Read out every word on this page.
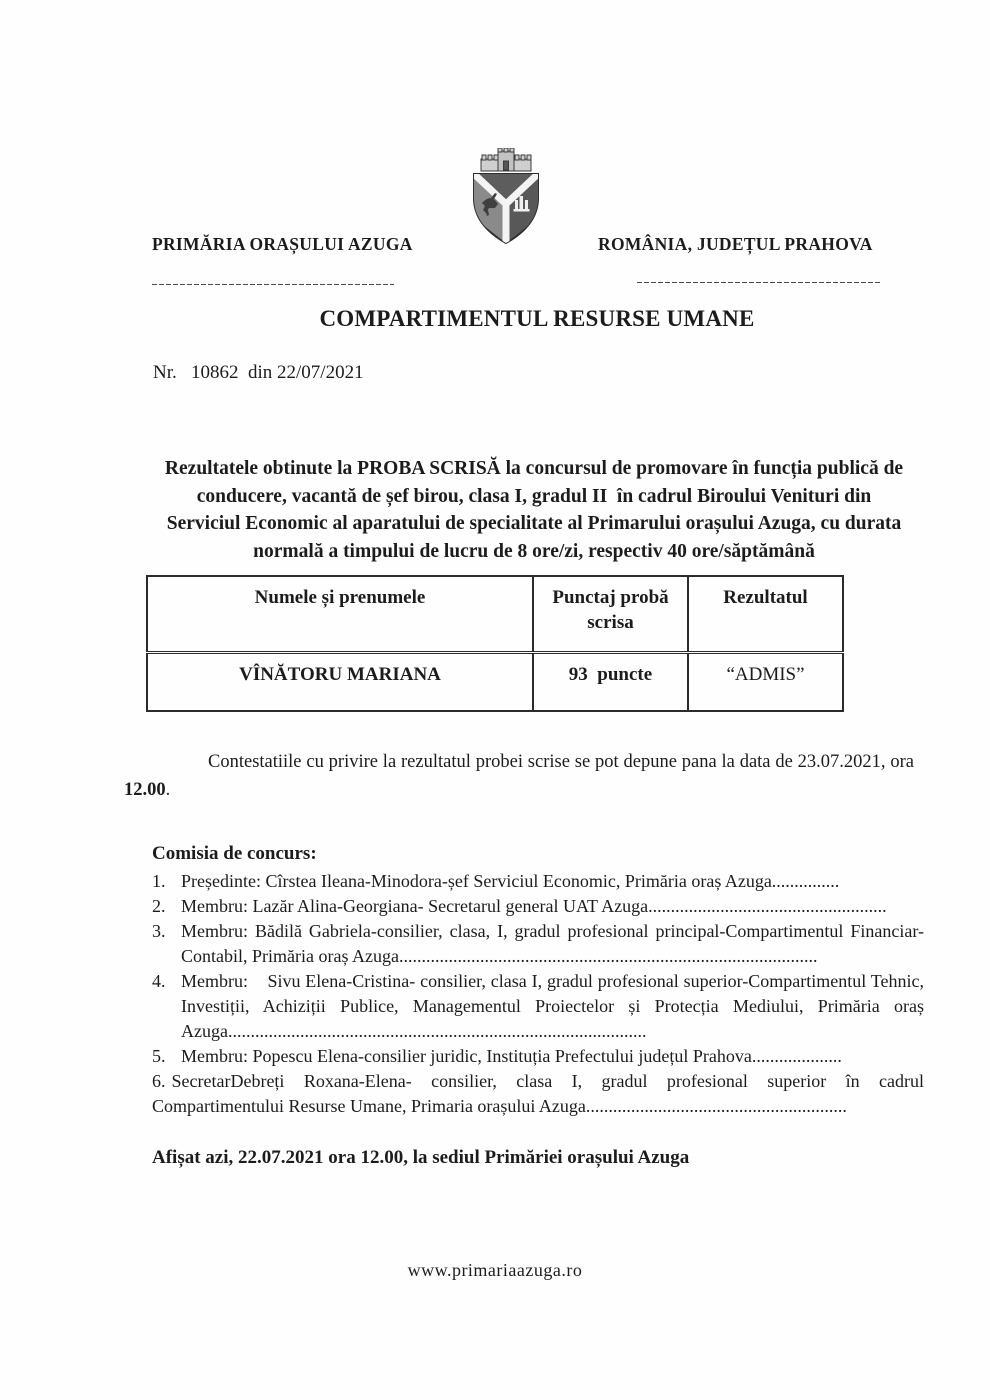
PRIMĂRIA ORAȘULUI AZUGA	ROMÂNIA, JUDEȚUL PRAHOVA
COMPARTIMENTUL RESURSE UMANE
Nr.   10862  din 22/07/2021

Rezultatele obtinute la PROBA SCRISĂ la concursul de promovare în funcția publică de conducere, vacantă de șef birou, clasa I, gradul II  în cadrul Biroului Venituri din Serviciul Economic al aparatului de specialitate al Primarului orașului Azuga, cu durata normală a timpului de lucru de 8 ore/zi, respectiv 40 ore/săptămână

Numele și prenumele	Punctaj probă scrisa	Rezultatul
VÎNĂTORU MARIANA	93  puncte	“ADMIS”

Contestatiile cu privire la rezultatul probei scrise se pot depune pana la data de 23.07.2021, ora 12.00.

Comisia de concurs:
1. Președinte: Cîrstea Ileana-Minodora-șef Serviciul Economic, Primăria oraș Azuga...............
2. Membru: Lazăr Alina-Georgiana- Secretarul general UAT Azuga.....................................................
3. Membru: Bădilă Gabriela-consilier, clasa, I, gradul profesional principal-Compartimentul Financiar-Contabil, Primăria oraș Azuga.............................................................................................
4. Membru:    Sivu Elena-Cristina- consilier, clasa I, gradul profesional superior-Compartimentul Tehnic, Investiții, Achiziții Publice, Managementul Proiectelor și Protecția Mediului, Primăria oraș Azuga.............................................................................................
5. Membru: Popescu Elena-consilier juridic, Instituția Prefectului județul Prahova....................
6. SecretarDebreți Roxana-Elena- consilier, clasa I, gradul profesional superior în cadrul Compartimentului Resurse Umane, Primaria orașului Azuga..........................................................

Afișat azi, 22.07.2021 ora 12.00, la sediul Primăriei orașului Azuga

www.primariaazuga.ro
